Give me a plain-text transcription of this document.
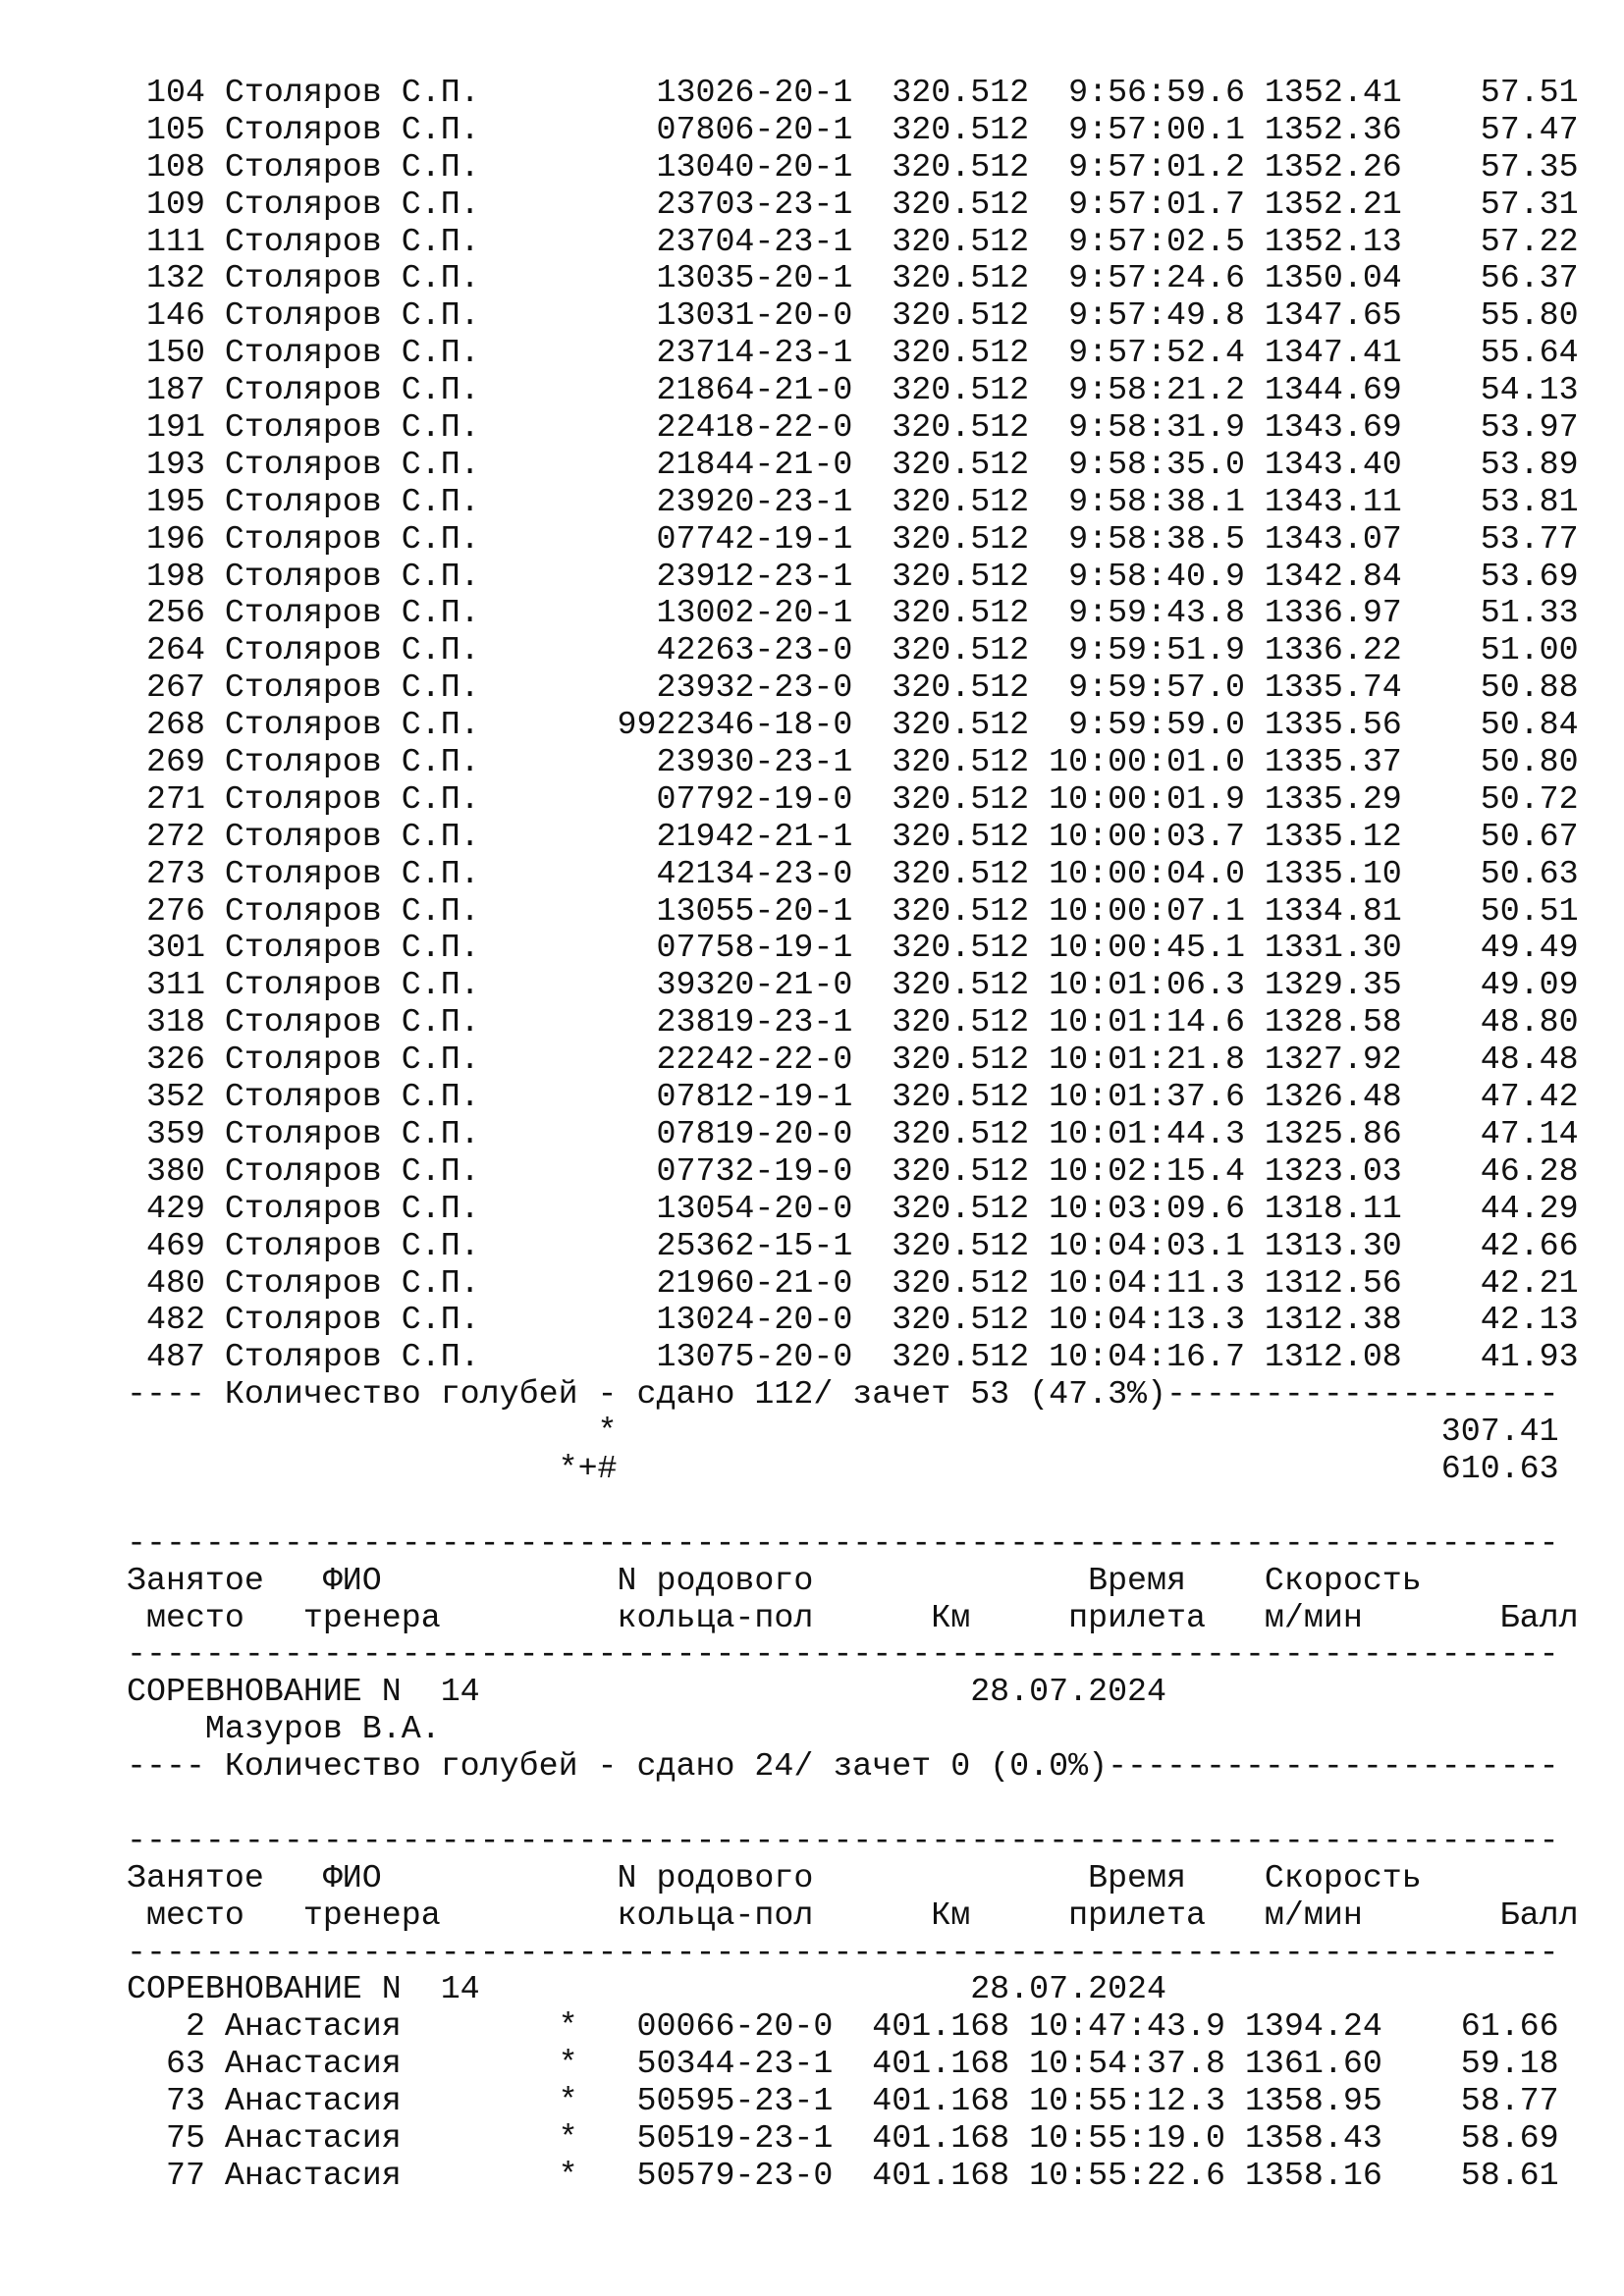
104 Столяров С.П.         13026-20-1  320.512  9:56:59.6 1352.41    57.51
105 Столяров С.П.         07806-20-1  320.512  9:57:00.1 1352.36    57.47
108 Столяров С.П.         13040-20-1  320.512  9:57:01.2 1352.26    57.35
109 Столяров С.П.         23703-23-1  320.512  9:57:01.7 1352.21    57.31
111 Столяров С.П.         23704-23-1  320.512  9:57:02.5 1352.13    57.22
132 Столяров С.П.         13035-20-1  320.512  9:57:24.6 1350.04    56.37
146 Столяров С.П.         13031-20-0  320.512  9:57:49.8 1347.65    55.80
150 Столяров С.П.         23714-23-1  320.512  9:57:52.4 1347.41    55.64
187 Столяров С.П.         21864-21-0  320.512  9:58:21.2 1344.69    54.13
191 Столяров С.П.         22418-22-0  320.512  9:58:31.9 1343.69    53.97
193 Столяров С.П.         21844-21-0  320.512  9:58:35.0 1343.40    53.89
195 Столяров С.П.         23920-23-1  320.512  9:58:38.1 1343.11    53.81
196 Столяров С.П.         07742-19-1  320.512  9:58:38.5 1343.07    53.77
198 Столяров С.П.         23912-23-1  320.512  9:58:40.9 1342.84    53.69
256 Столяров С.П.         13002-20-1  320.512  9:59:43.8 1336.97    51.33
264 Столяров С.П.         42263-23-0  320.512  9:59:51.9 1336.22    51.00
267 Столяров С.П.         23932-23-0  320.512  9:59:57.0 1335.74    50.88
268 Столяров С.П.       9922346-18-0  320.512  9:59:59.0 1335.56    50.84
269 Столяров С.П.         23930-23-1  320.512 10:00:01.0 1335.37    50.80
271 Столяров С.П.         07792-19-0  320.512 10:00:01.9 1335.29    50.72
272 Столяров С.П.         21942-21-1  320.512 10:00:03.7 1335.12    50.67
273 Столяров С.П.         42134-23-0  320.512 10:00:04.0 1335.10    50.63
276 Столяров С.П.         13055-20-1  320.512 10:00:07.1 1334.81    50.51
301 Столяров С.П.         07758-19-1  320.512 10:00:45.1 1331.30    49.49
311 Столяров С.П.         39320-21-0  320.512 10:01:06.3 1329.35    49.09
318 Столяров С.П.         23819-23-1  320.512 10:01:14.6 1328.58    48.80
326 Столяров С.П.         22242-22-0  320.512 10:01:21.8 1327.92    48.48
352 Столяров С.П.         07812-19-1  320.512 10:01:37.6 1326.48    47.42
359 Столяров С.П.         07819-20-0  320.512 10:01:44.3 1325.86    47.14
380 Столяров С.П.         07732-19-0  320.512 10:02:15.4 1323.03    46.28
429 Столяров С.П.         13054-20-0  320.512 10:03:09.6 1318.11    44.29
469 Столяров С.П.         25362-15-1  320.512 10:04:03.1 1313.30    42.66
480 Столяров С.П.         21960-21-0  320.512 10:04:11.3 1312.56    42.21
482 Столяров С.П.         13024-20-0  320.512 10:04:13.3 1312.38    42.13
487 Столяров С.П.         13075-20-0  320.512 10:04:16.7 1312.08    41.93
---- Количество голубей - сдано 112/ зачет 53 (47.3%)--------------------
*                                          307.41
*+#                                          610.63
-------------------------------------------------------------------------
Занятое   ФИО            N родового              Время    Скорость
место   тренера         кольца-пол      Км     прилета   м/мин       Балл
-------------------------------------------------------------------------
СОРЕВНОВАНИЕ N  14                         28.07.2024
Мазуров В.А.
---- Количество голубей - сдано 24/ зачет 0 (0.0%)-----------------------
-------------------------------------------------------------------------
Занятое   ФИО            N родового              Время    Скорость
место   тренера         кольца-пол      Км     прилета   м/мин       Балл
-------------------------------------------------------------------------
СОРЕВНОВАНИЕ N  14                         28.07.2024
2 Анастасия        *   00066-20-0  401.168 10:47:43.9 1394.24    61.66
63 Анастасия        *   50344-23-1  401.168 10:54:37.8 1361.60    59.18
73 Анастасия        *   50595-23-1  401.168 10:55:12.3 1358.95    58.77
75 Анастасия        *   50519-23-1  401.168 10:55:19.0 1358.43    58.69
77 Анастасия        *   50579-23-0  401.168 10:55:22.6 1358.16    58.61
